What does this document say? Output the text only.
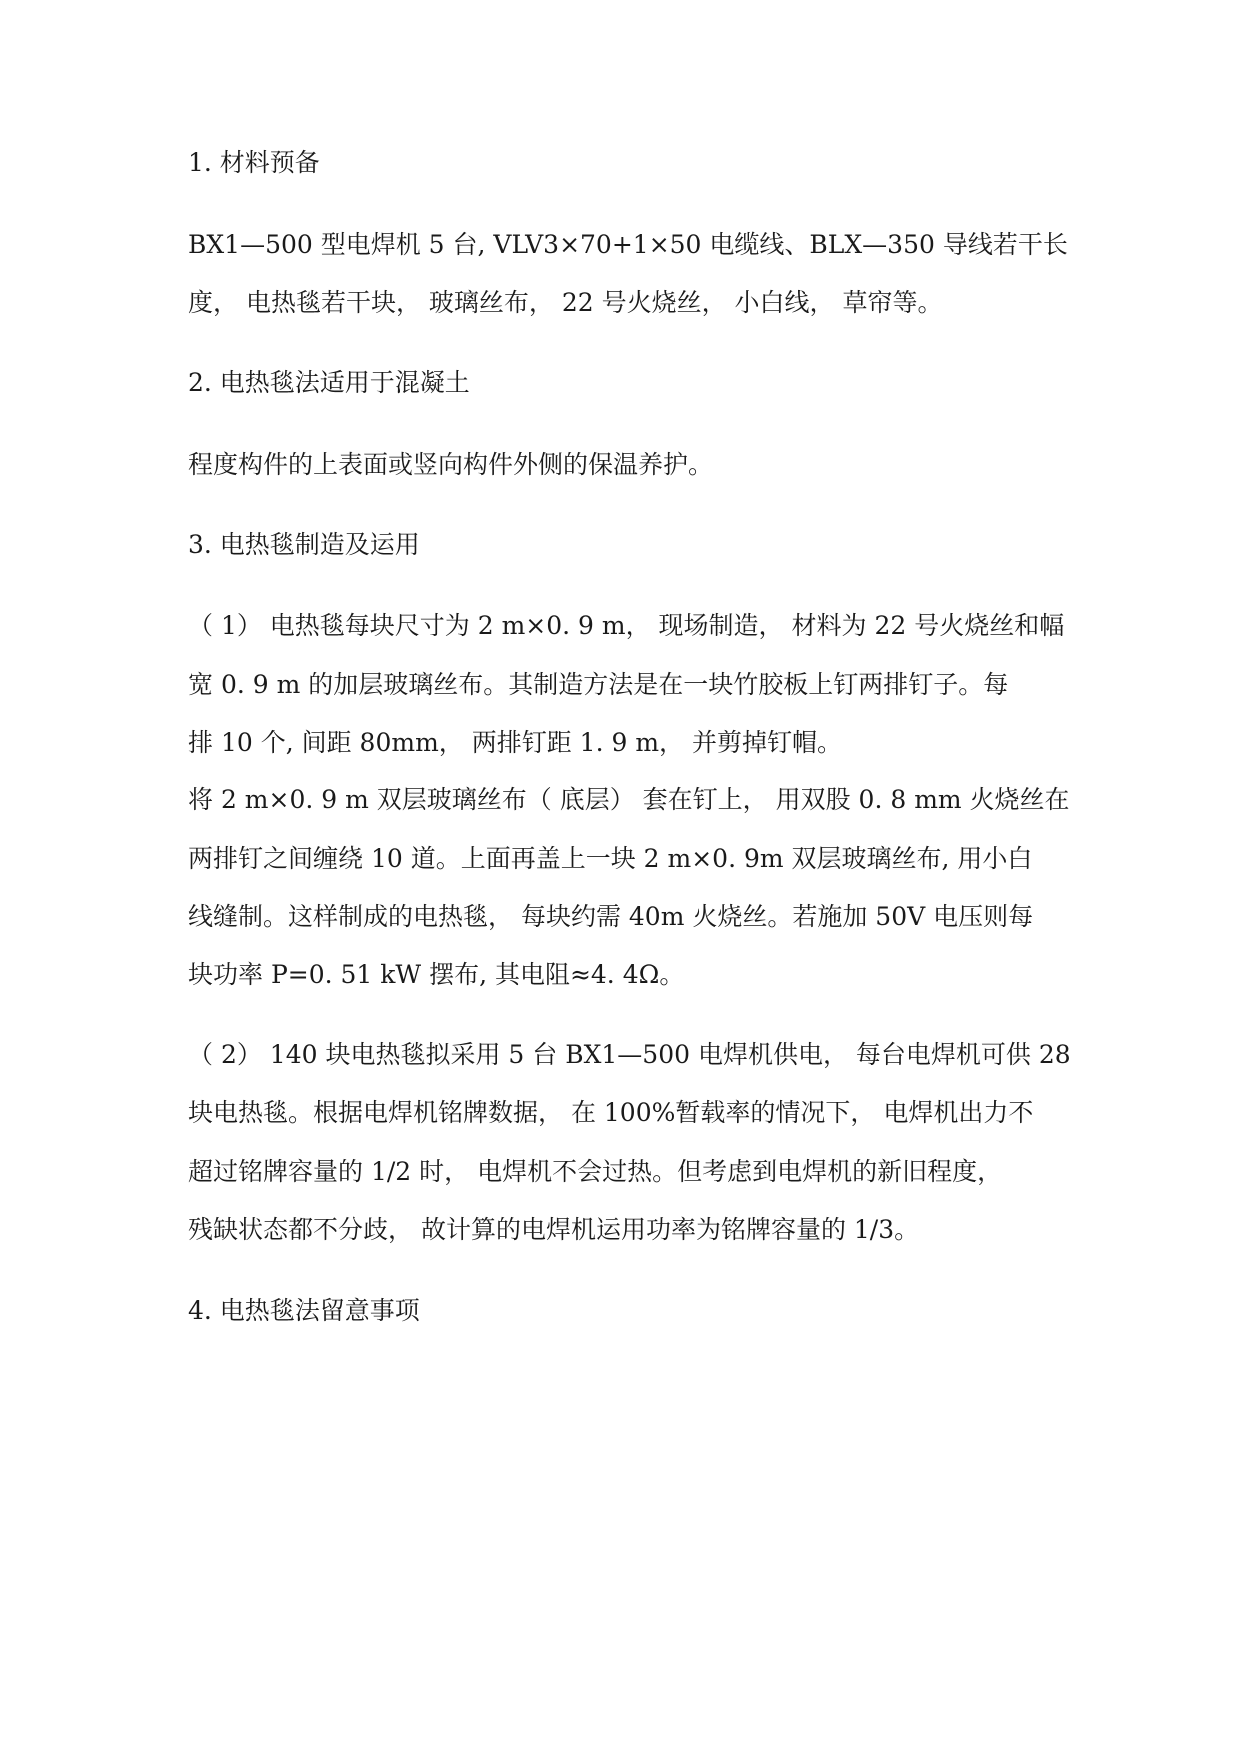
1. 材料预备
BX1—500 型电焊机 5 台, VLV3×70+1×50 电缆线、BLX—350 导线若干长
度， 电热毯若干块， 玻璃丝布， 22 号火烧丝， 小白线， 草帘等。
2. 电热毯法适用于混凝土
程度构件的上表面或竖向构件外侧的保温养护。
3. 电热毯制造及运用
（ 1） 电热毯每块尺寸为 2 m×0. 9 m， 现场制造， 材料为 22 号火烧丝和幅
宽 0. 9 m 的加层玻璃丝布。其制造方法是在一块竹胶板上钉两排钉子。每
排 10 个, 间距 80mm， 两排钉距 1. 9 m， 并剪掉钉帽。
将 2 m×0. 9 m 双层玻璃丝布（ 底层） 套在钉上， 用双股 0. 8 mm 火烧丝在
两排钉之间缠绕 10 道。上面再盖上一块 2 m×0. 9m 双层玻璃丝布, 用小白
线缝制。这样制成的电热毯， 每块约需 40m 火烧丝。若施加 50V 电压则每
块功率 P=0. 51 kW 摆布, 其电阻≈4. 4Ω。
（ 2） 140 块电热毯拟采用 5 台 BX1—500 电焊机供电， 每台电焊机可供 28
块电热毯。根据电焊机铭牌数据， 在 100%暂载率的情况下， 电焊机出力不
超过铭牌容量的 1/2 时， 电焊机不会过热。但考虑到电焊机的新旧程度，
残缺状态都不分歧， 故计算的电焊机运用功率为铭牌容量的 1/3。
4. 电热毯法留意事项
